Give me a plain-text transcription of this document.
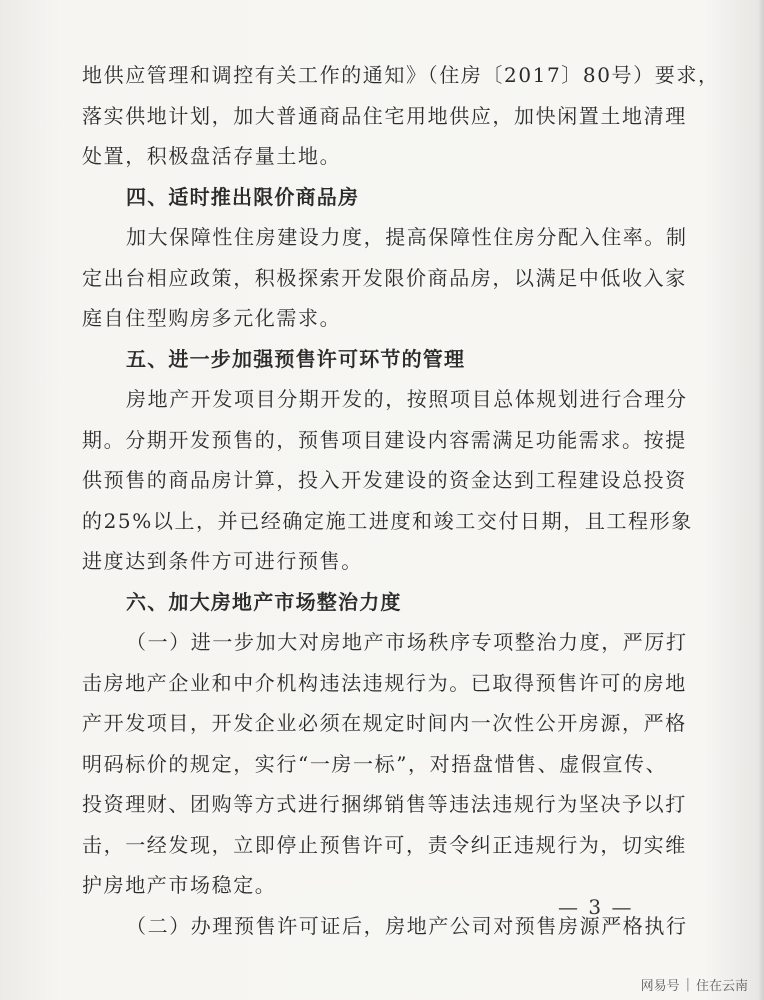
地供应管理和调控有关工作的通知》（住房〔2017〕80号）要求，
落实供地计划，加大普通商品住宅用地供应，加快闲置土地清理
处置，积极盘活存量土地。
四、适时推出限价商品房
加大保障性住房建设力度，提高保障性住房分配入住率。制
定出台相应政策，积极探索开发限价商品房，以满足中低收入家
庭自住型购房多元化需求。
五、进一步加强预售许可环节的管理
房地产开发项目分期开发的，按照项目总体规划进行合理分
期。分期开发预售的，预售项目建设内容需满足功能需求。按提
供预售的商品房计算，投入开发建设的资金达到工程建设总投资
的25%以上，并已经确定施工进度和竣工交付日期，且工程形象
进度达到条件方可进行预售。
六、加大房地产市场整治力度
（一）进一步加大对房地产市场秩序专项整治力度，严厉打
击房地产企业和中介机构违法违规行为。已取得预售许可的房地
产开发项目，开发企业必须在规定时间内一次性公开房源，严格
明码标价的规定，实行“一房一标”，对捂盘惜售、虚假宣传、
投资理财、团购等方式进行捆绑销售等违法违规行为坚决予以打
击，一经发现，立即停止预售许可，责令纠正违规行为，切实维
护房地产市场稳定。
（二）办理预售许可证后，房地产公司对预售房源严格执行
— 3 —
网易号 | 住在云南
